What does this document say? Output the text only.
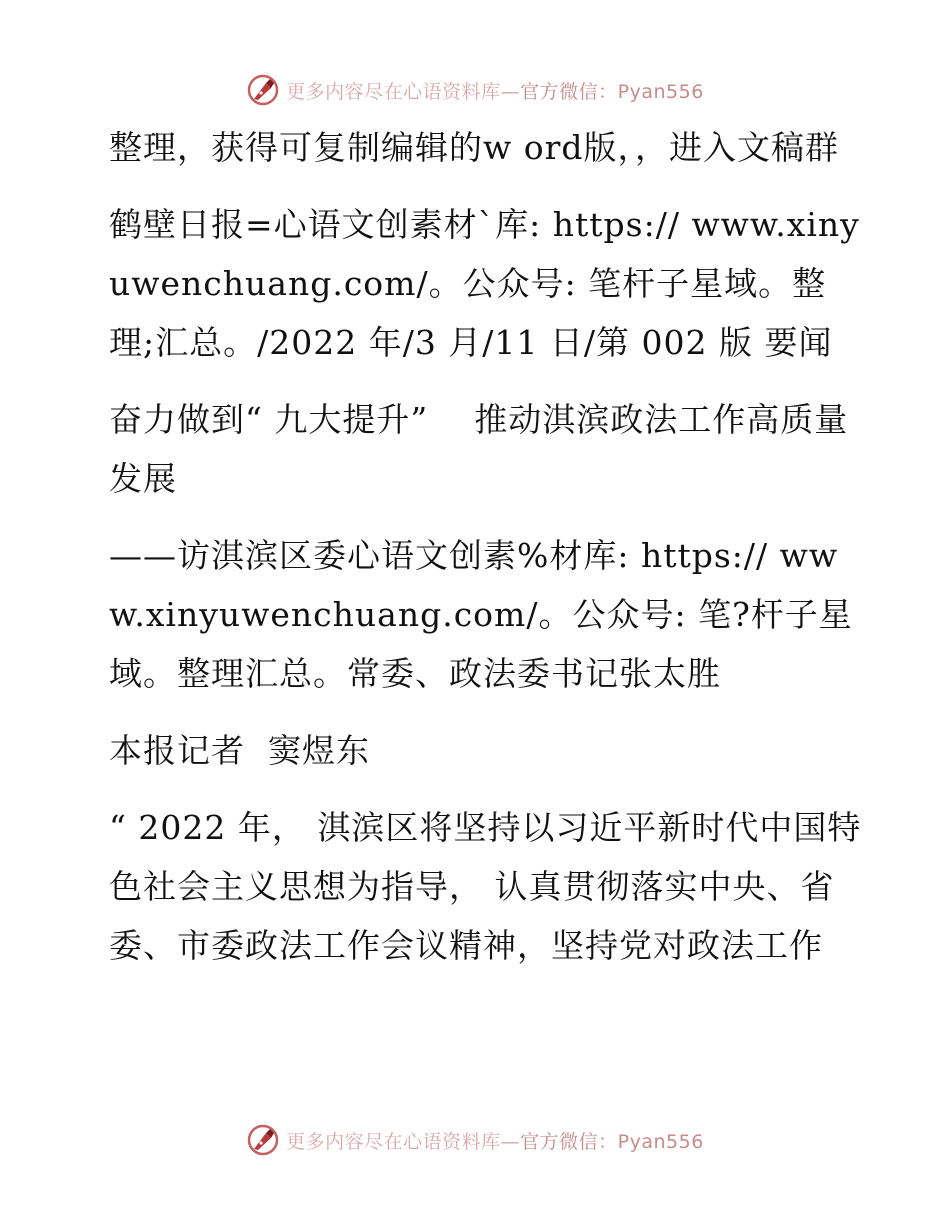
更多内容尽在心语资料库—官方微信：Pyan556

整理，获得可复制编辑的w ord版，，进入文稿群

鹤壁日报=心语文创素材`库: https:// www.xinyuwenchuang.com/。公众号: 笔杆子星域。整理;汇总。/2022 年/3 月/11 日/第 002 版 要闻

奋力做到“ 九大提升”    推动淇滨政法工作高质量发展

——访淇滨区委心语文创素%材库: https:// www.xinyuwenchuang.com/。公众号: 笔?杆子星域。整理汇总。常委、政法委书记张太胜

本报记者  窦煜东

“ 2022 年， 淇滨区将坚持以习近平新时代中国特色社会主义思想为指导， 认真贯彻落实中央、省委、市委政法工作会议精神，坚持党对政法工作

更多内容尽在心语资料库—官方微信：Pyan556
